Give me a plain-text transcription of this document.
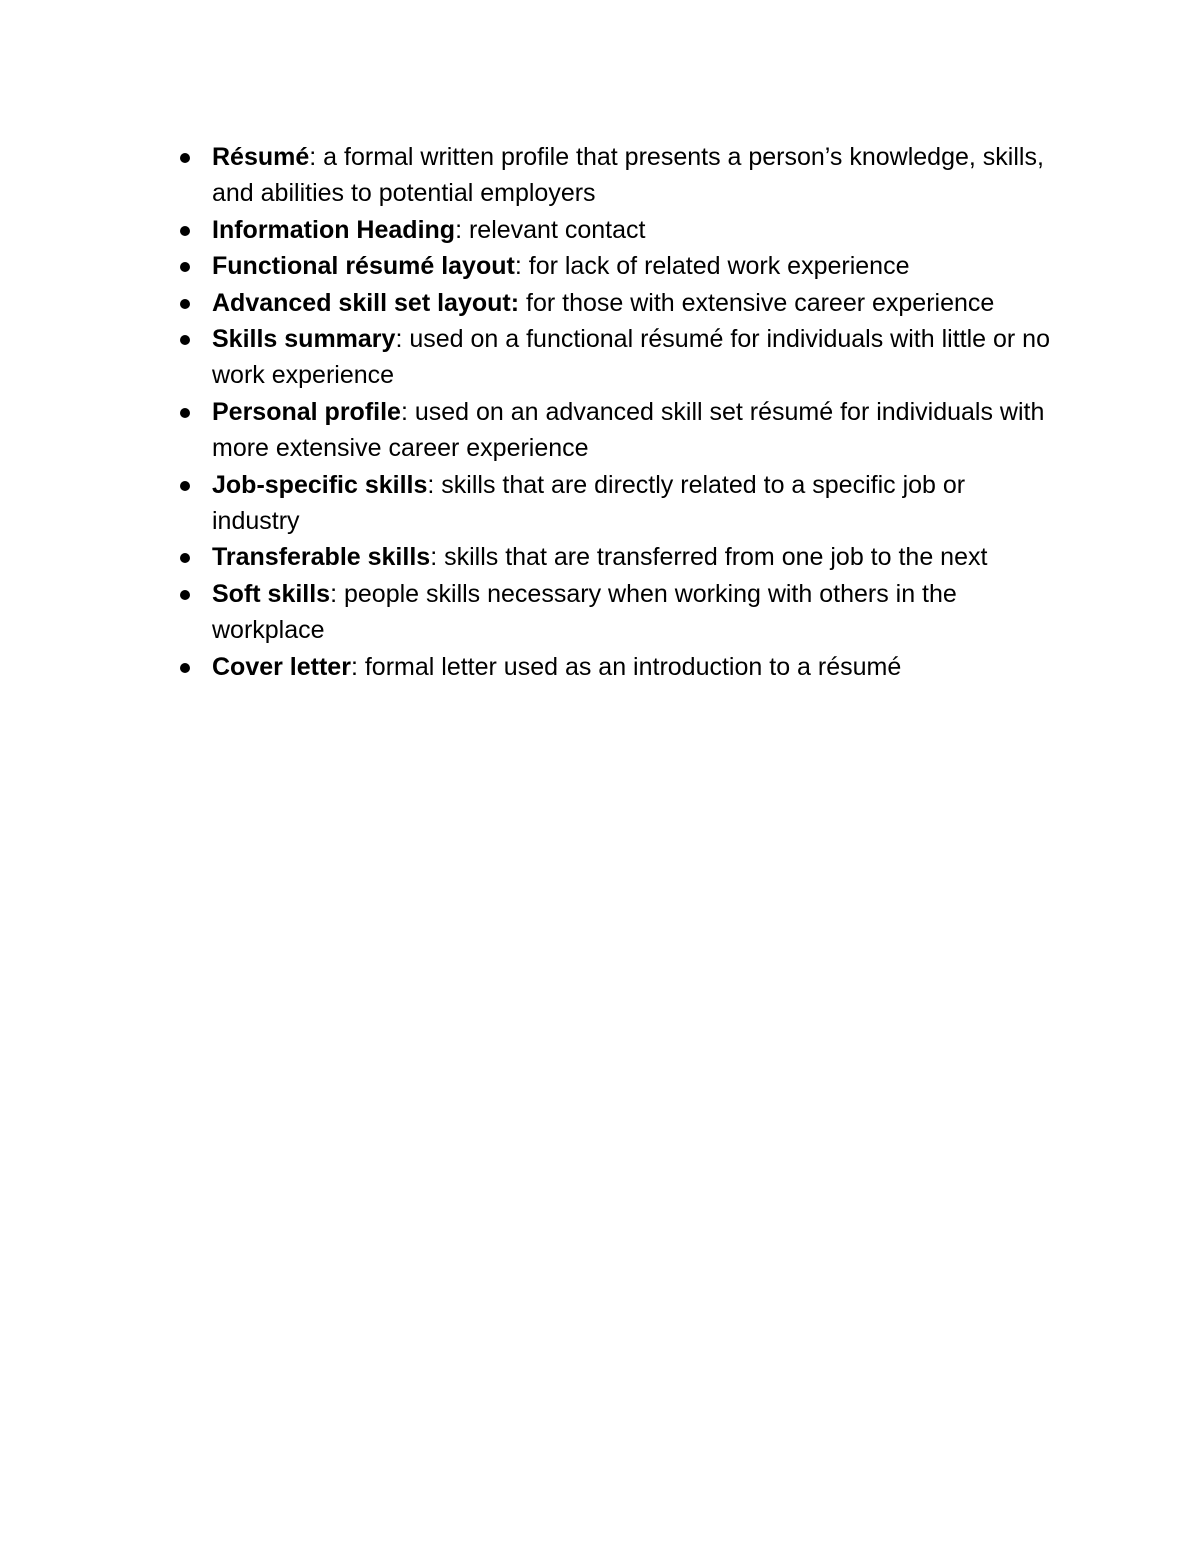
Résumé: a formal written profile that presents a person’s knowledge, skills, and abilities to potential employers
Information Heading: relevant contact
Functional résumé layout: for lack of related work experience
Advanced skill set layout: for those with extensive career experience
Skills summary: used on a functional résumé for individuals with little or no work experience
Personal profile: used on an advanced skill set résumé for individuals with more extensive career experience
Job-specific skills: skills that are directly related to a specific job or industry
Transferable skills: skills that are transferred from one job to the next
Soft skills: people skills necessary when working with others in the workplace
Cover letter: formal letter used as an introduction to a résumé
